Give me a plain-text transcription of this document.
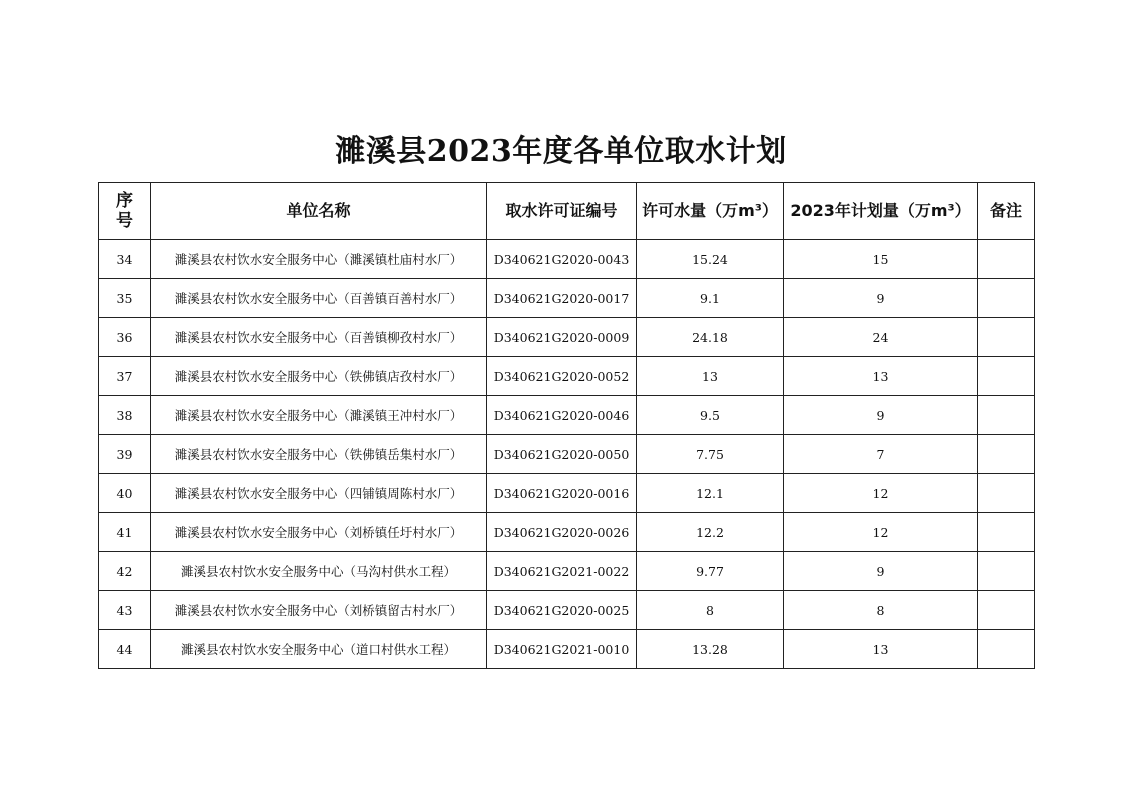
濉溪县2023年度各单位取水计划
序
号	单位名称	取水许可证编号	许可水量（万m³）	2023年计划量（万m³）	备注
34	濉溪县农村饮水安全服务中心（濉溪镇杜庙村水厂）	D340621G2020-0043	15.24	15	
35	濉溪县农村饮水安全服务中心（百善镇百善村水厂）	D340621G2020-0017	9.1	9	
36	濉溪县农村饮水安全服务中心（百善镇柳孜村水厂）	D340621G2020-0009	24.18	24	
37	濉溪县农村饮水安全服务中心（铁佛镇店孜村水厂）	D340621G2020-0052	13	13	
38	濉溪县农村饮水安全服务中心（濉溪镇王冲村水厂）	D340621G2020-0046	9.5	9	
39	濉溪县农村饮水安全服务中心（铁佛镇岳集村水厂）	D340621G2020-0050	7.75	7	
40	濉溪县农村饮水安全服务中心（四铺镇周陈村水厂）	D340621G2020-0016	12.1	12	
41	濉溪县农村饮水安全服务中心（刘桥镇任圩村水厂）	D340621G2020-0026	12.2	12	
42	濉溪县农村饮水安全服务中心（马沟村供水工程）	D340621G2021-0022	9.77	9	
43	濉溪县农村饮水安全服务中心（刘桥镇留古村水厂）	D340621G2020-0025	8	8	
44	濉溪县农村饮水安全服务中心（道口村供水工程）	D340621G2021-0010	13.28	13	
